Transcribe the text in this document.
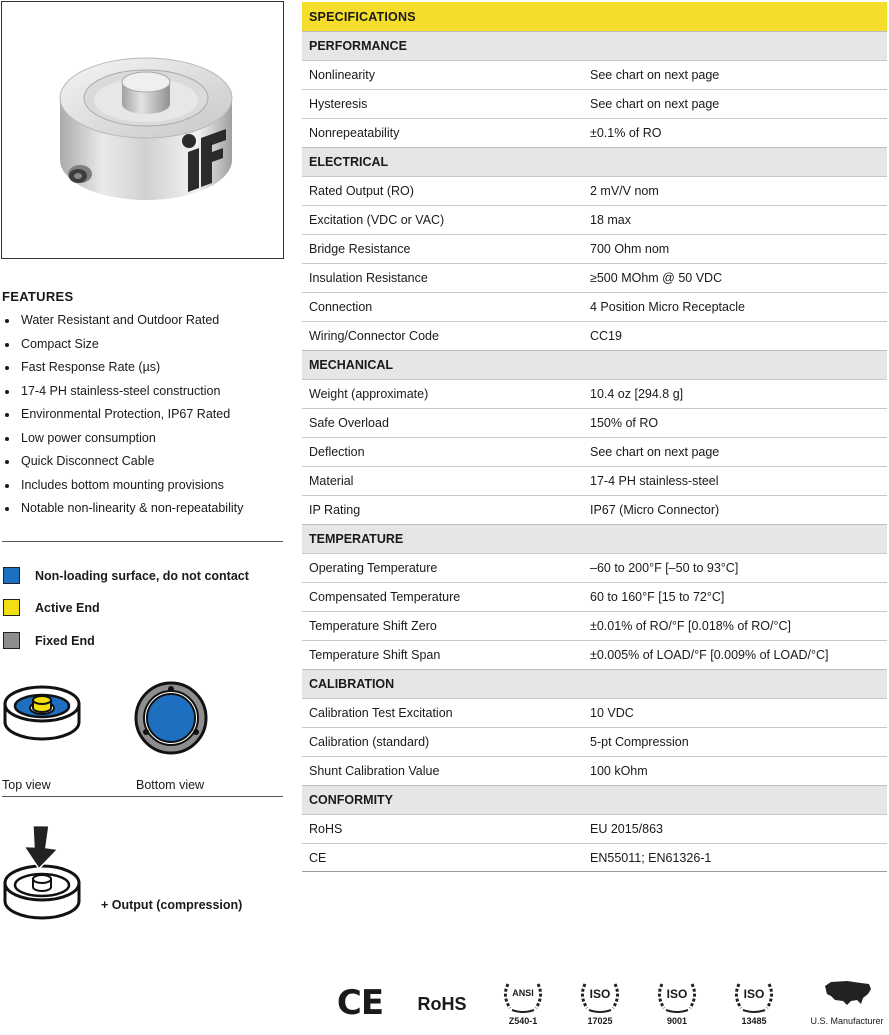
FEATURES
Water Resistant and Outdoor Rated
Compact Size
Fast Response Rate (µs)
17-4 PH stainless-steel construction
Environmental Protection, IP67 Rated
Low power consumption
Quick Disconnect Cable
Includes bottom mounting provisions
Notable non-linearity & non-repeatability
Non-loading surface, do not contact
Active End
Fixed End
Top view	Bottom view
+ Output (compression)
SPECIFICATIONS
PERFORMANCE
Nonlinearity	See chart on next page
Hysteresis	See chart on next page
Nonrepeatability	±0.1% of RO
ELECTRICAL
Rated Output (RO)	2 mV/V nom
Excitation (VDC or VAC)	18 max
Bridge Resistance	700 Ohm nom
Insulation Resistance	≥500 MOhm @ 50 VDC
Connection	4 Position Micro Receptacle
Wiring/Connector Code	CC19
MECHANICAL
Weight (approximate)	10.4 oz [294.8 g]
Safe Overload	150% of RO
Deflection	See chart on next page
Material	17-4 PH stainless-steel
IP Rating	IP67 (Micro Connector)
TEMPERATURE
Operating Temperature	–60 to 200°F [–50 to 93°C]
Compensated Temperature	60 to 160°F [15 to 72°C]
Temperature Shift Zero	±0.01% of RO/°F [0.018% of RO/°C]
Temperature Shift Span	±0.005% of LOAD/°F [0.009% of LOAD/°C]
CALIBRATION
Calibration Test Excitation	10 VDC
Calibration (standard)	5-pt Compression
Shunt Calibration Value	100 kOhm
CONFORMITY
RoHS	EU 2015/863
CE	EN55011; EN61326-1
CE RoHS
ANSI
Z540-1
ISO
17025
ISO
9001
ISO
13485	U.S. Manufacturer
